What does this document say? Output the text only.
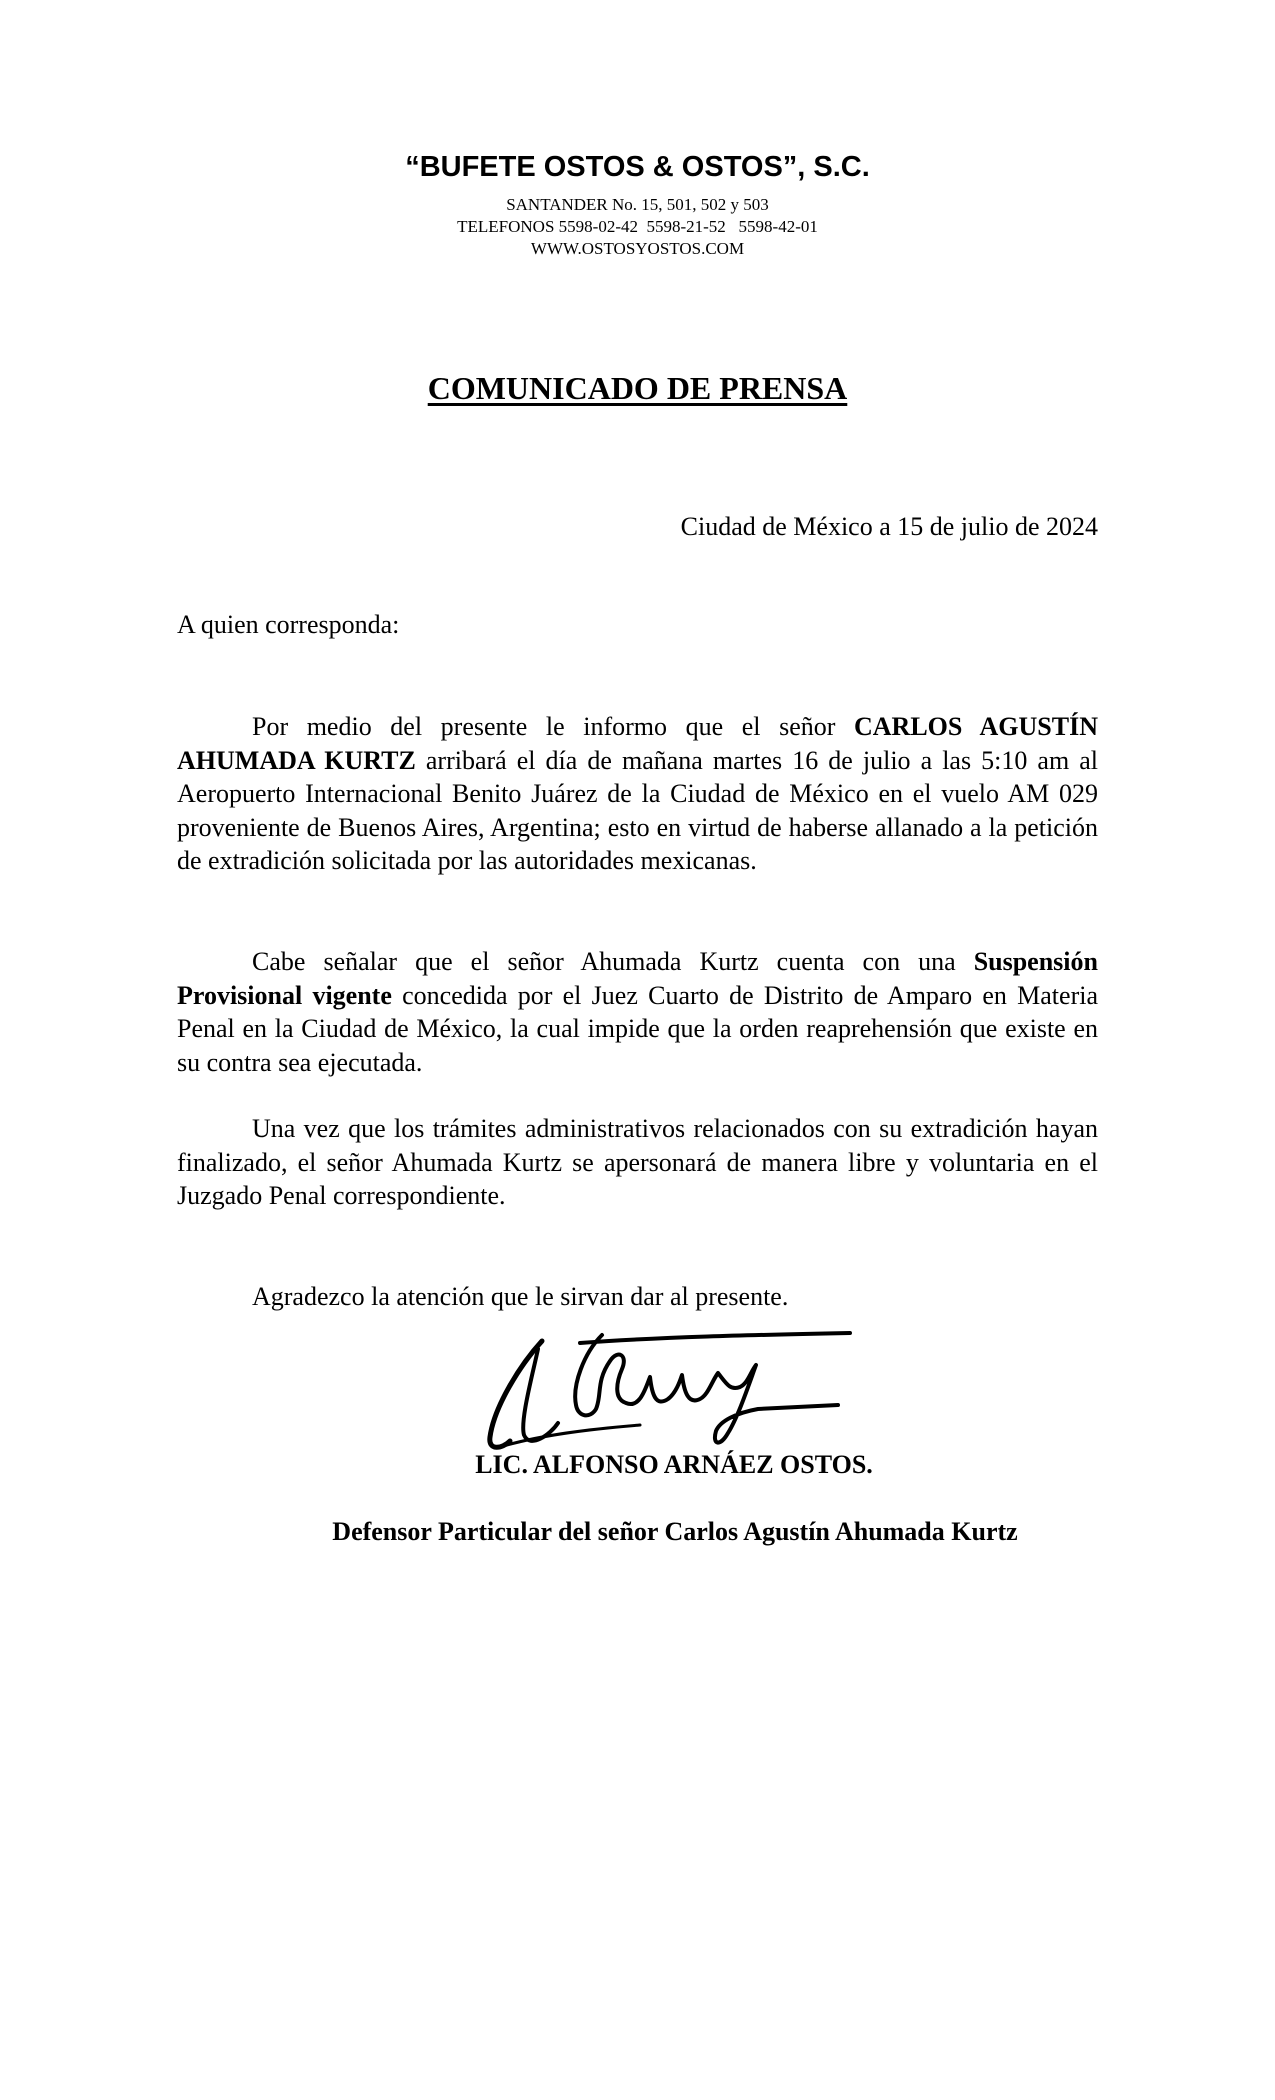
“BUFETE OSTOS & OSTOS”, S.C.
SANTANDER No. 15, 501, 502 y 503
TELEFONOS 5598-02-42  5598-21-52   5598-42-01
WWW.OSTOSYOSTOS.COM
COMUNICADO DE PRENSA
Ciudad de México a 15 de julio de 2024
A quien corresponda:

Por medio del presente le informo que el señor CARLOS AGUSTÍN AHUMADA KURTZ arribará el día de mañana martes 16 de julio a las 5:10 am al Aeropuerto Internacional Benito Juárez de la Ciudad de México en el vuelo AM 029 proveniente de Buenos Aires, Argentina; esto en virtud de haberse allanado a la petición de extradición solicitada por las autoridades mexicanas.

Cabe señalar que el señor Ahumada Kurtz cuenta con una Suspensión Provisional vigente concedida por el Juez Cuarto de Distrito de Amparo en Materia Penal en la Ciudad de México, la cual impide que la orden reaprehensión que existe en su contra sea ejecutada.

Una vez que los trámites administrativos relacionados con su extradición hayan finalizado, el señor Ahumada Kurtz se apersonará de manera libre y voluntaria en el Juzgado Penal correspondiente.

Agradezco la atención que le sirvan dar al presente.

LIC. ALFONSO ARNÁEZ OSTOS.
Defensor Particular del señor Carlos Agustín Ahumada Kurtz
